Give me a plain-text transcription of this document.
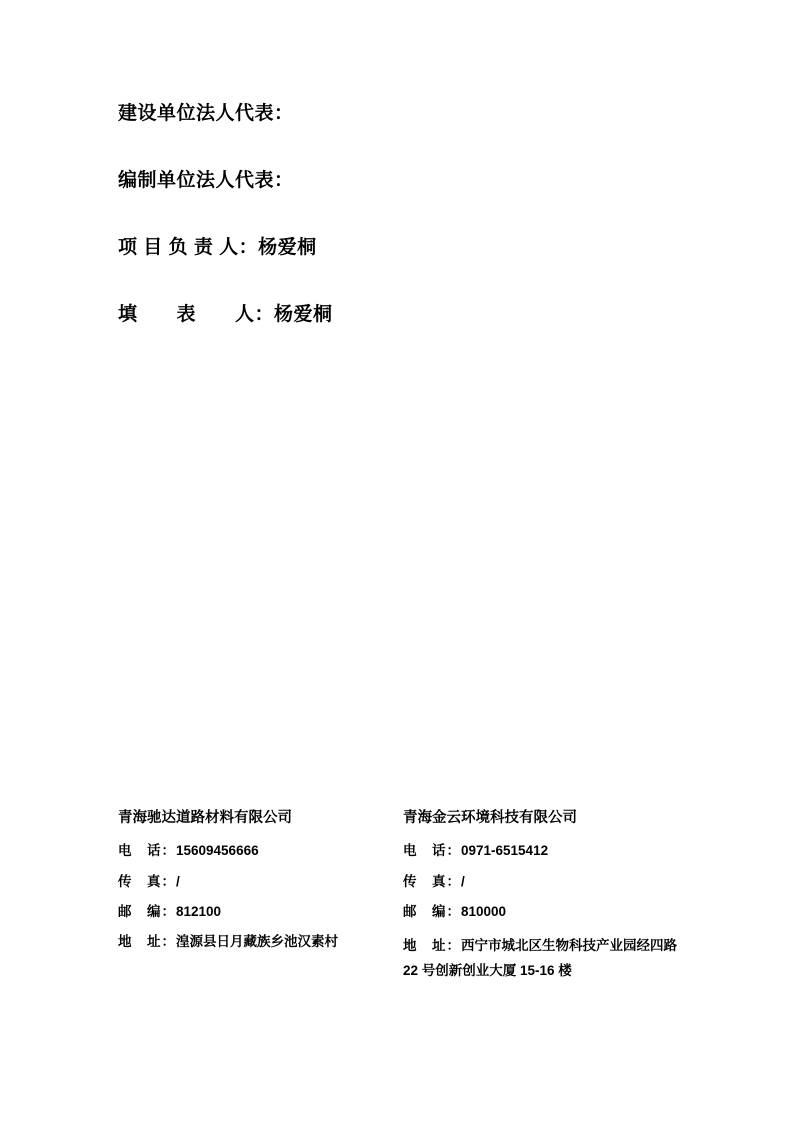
建设单位法人代表：
编制单位法人代表：
项 目 负 责 人：杨爱桐
填　　表　　人：杨爱桐
青海驰达道路材料有限公司
电　话：15609456666
传　真：/
邮　编：812100
地　址：湟源县日月藏族乡池汉素村
青海金云环境科技有限公司
电　话：0971-6515412
传　真：/
邮　编：810000
地　址：西宁市城北区生物科技产业园经四路 22 号创新创业大厦 15-16 楼
